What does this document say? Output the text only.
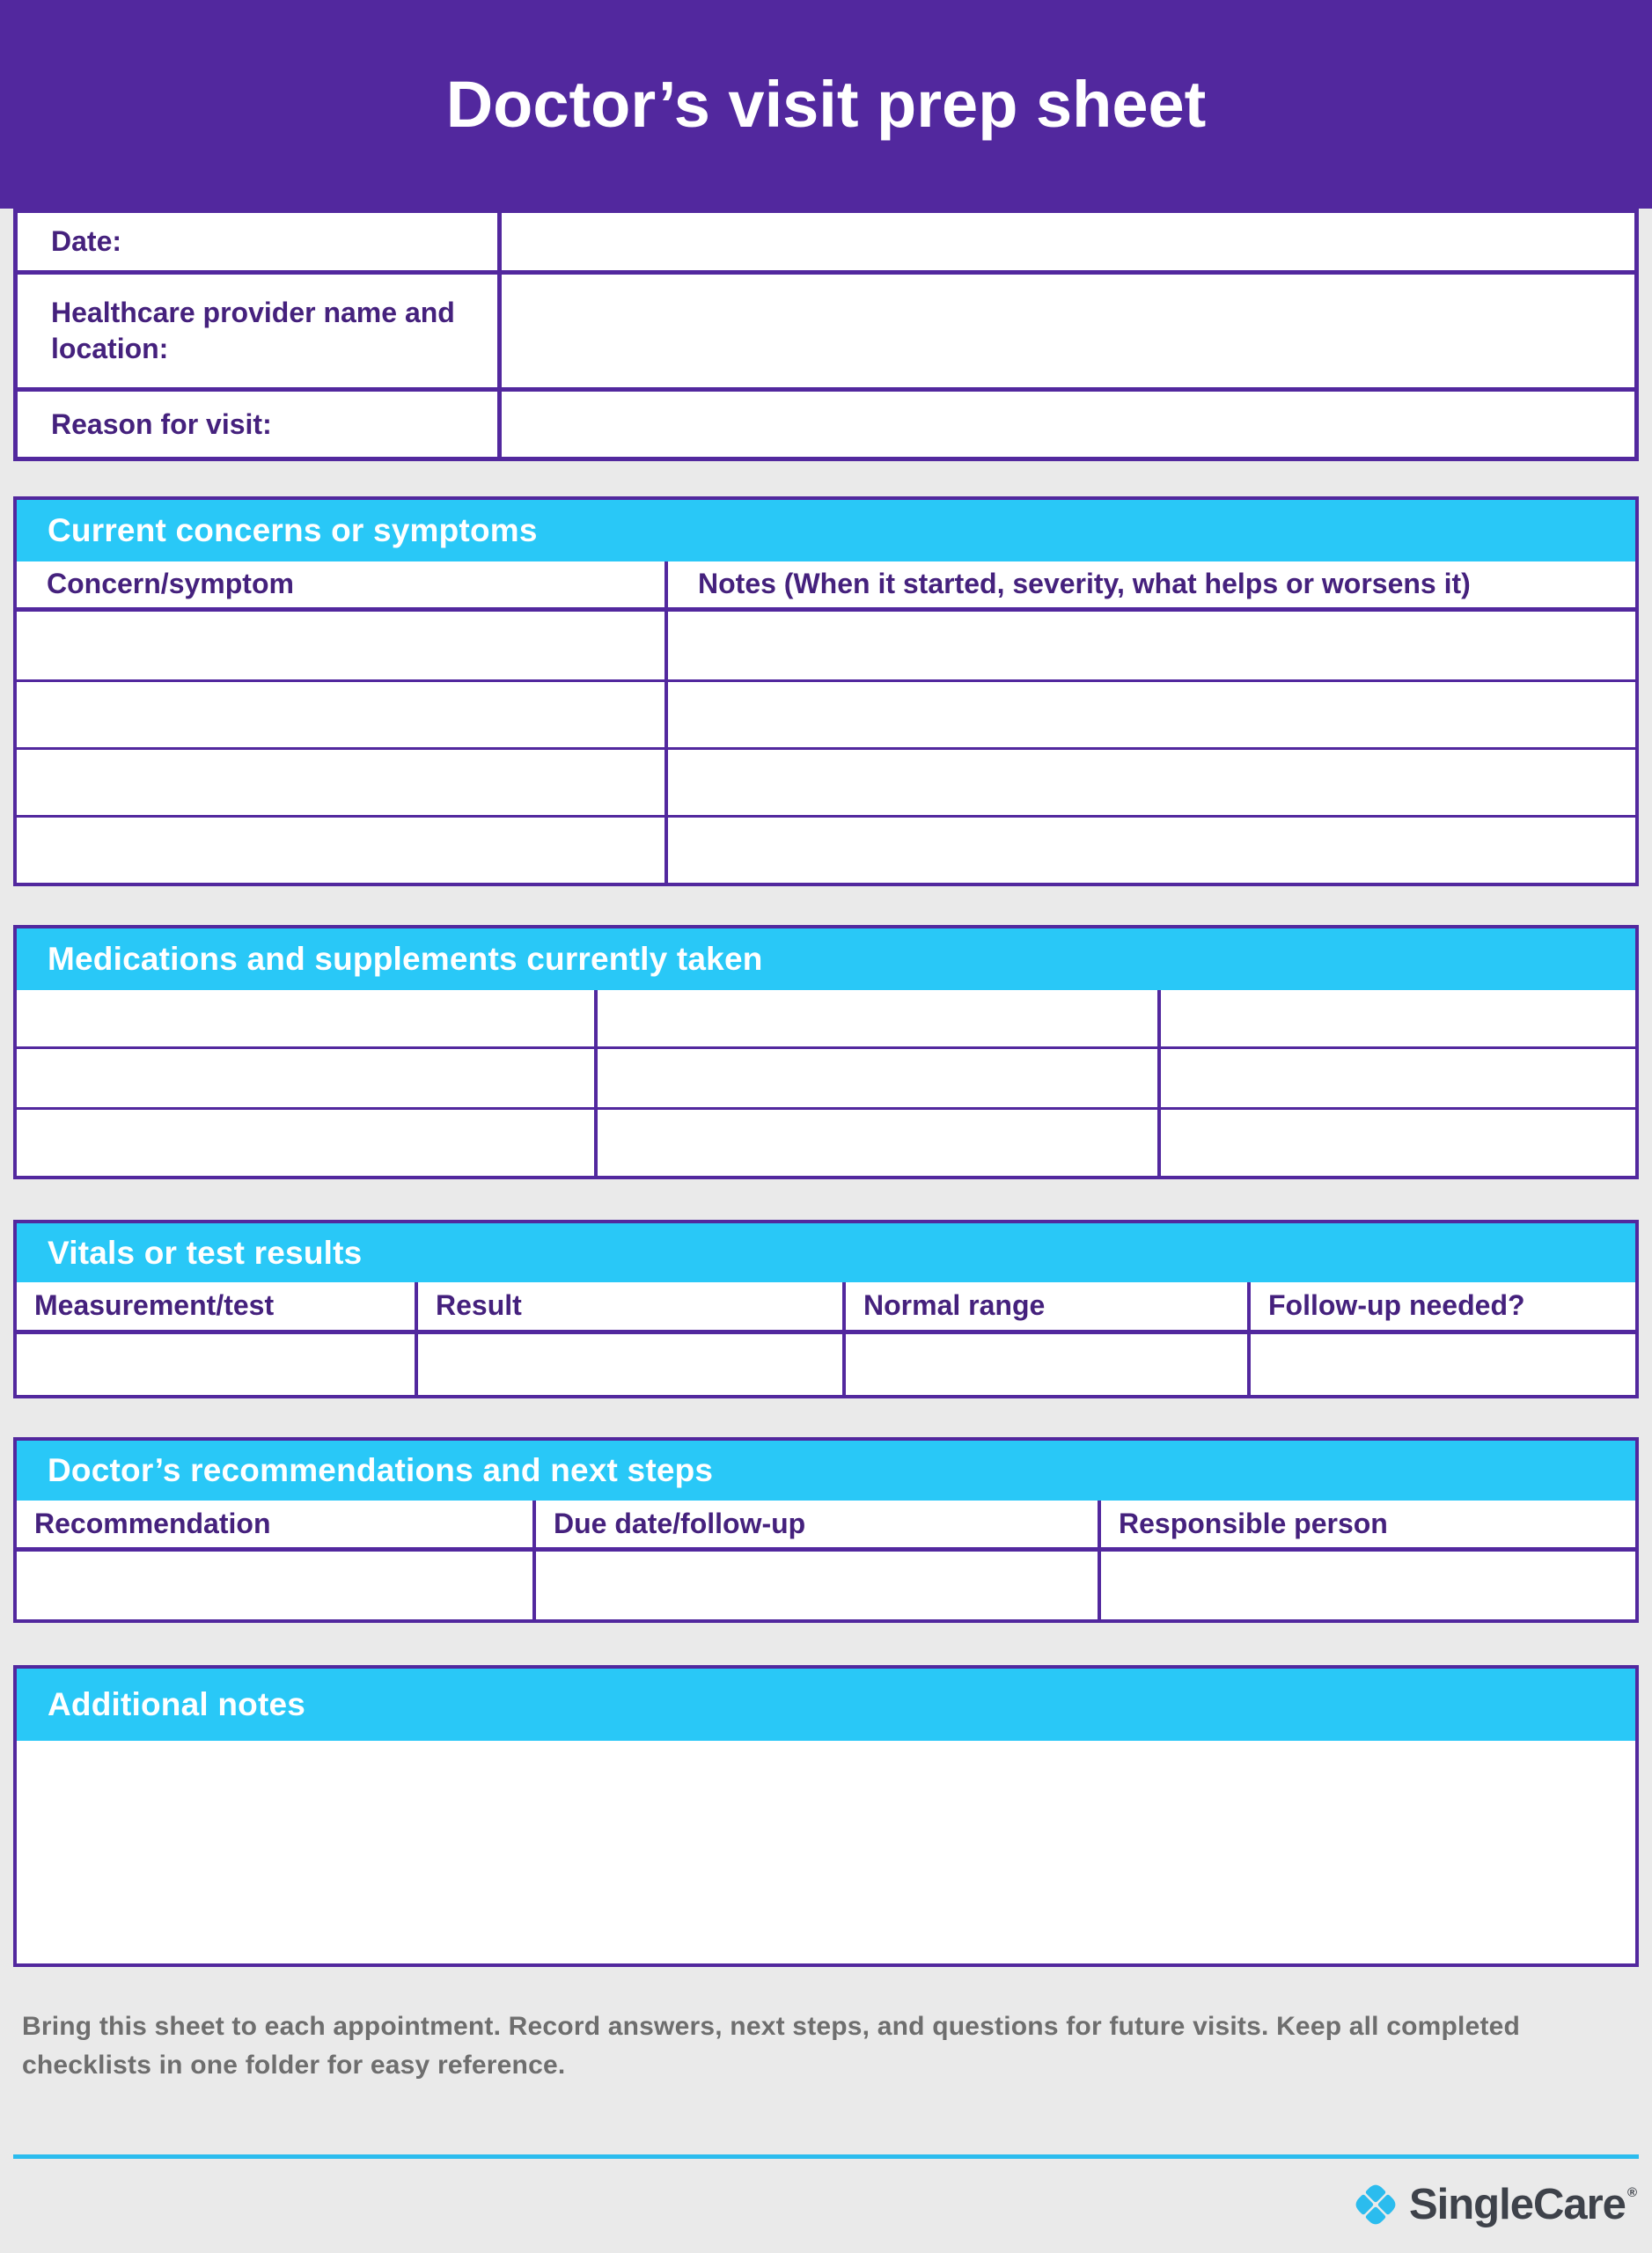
Doctor’s visit prep sheet
Date:
Healthcare provider name and location:
Reason for visit:
Current concerns or symptoms
Concern/symptom	Notes (When it started, severity, what helps or worsens it)
Medications and supplements currently taken
Vitals or test results
Measurement/test	Result	Normal range	Follow-up needed?
Doctor’s recommendations and next steps
Recommendation	Due date/follow-up	Responsible person
Additional notes

Bring this sheet to each appointment. Record answers, next steps, and questions for future visits. Keep all completed checklists in one folder for easy reference.

SingleCare®
